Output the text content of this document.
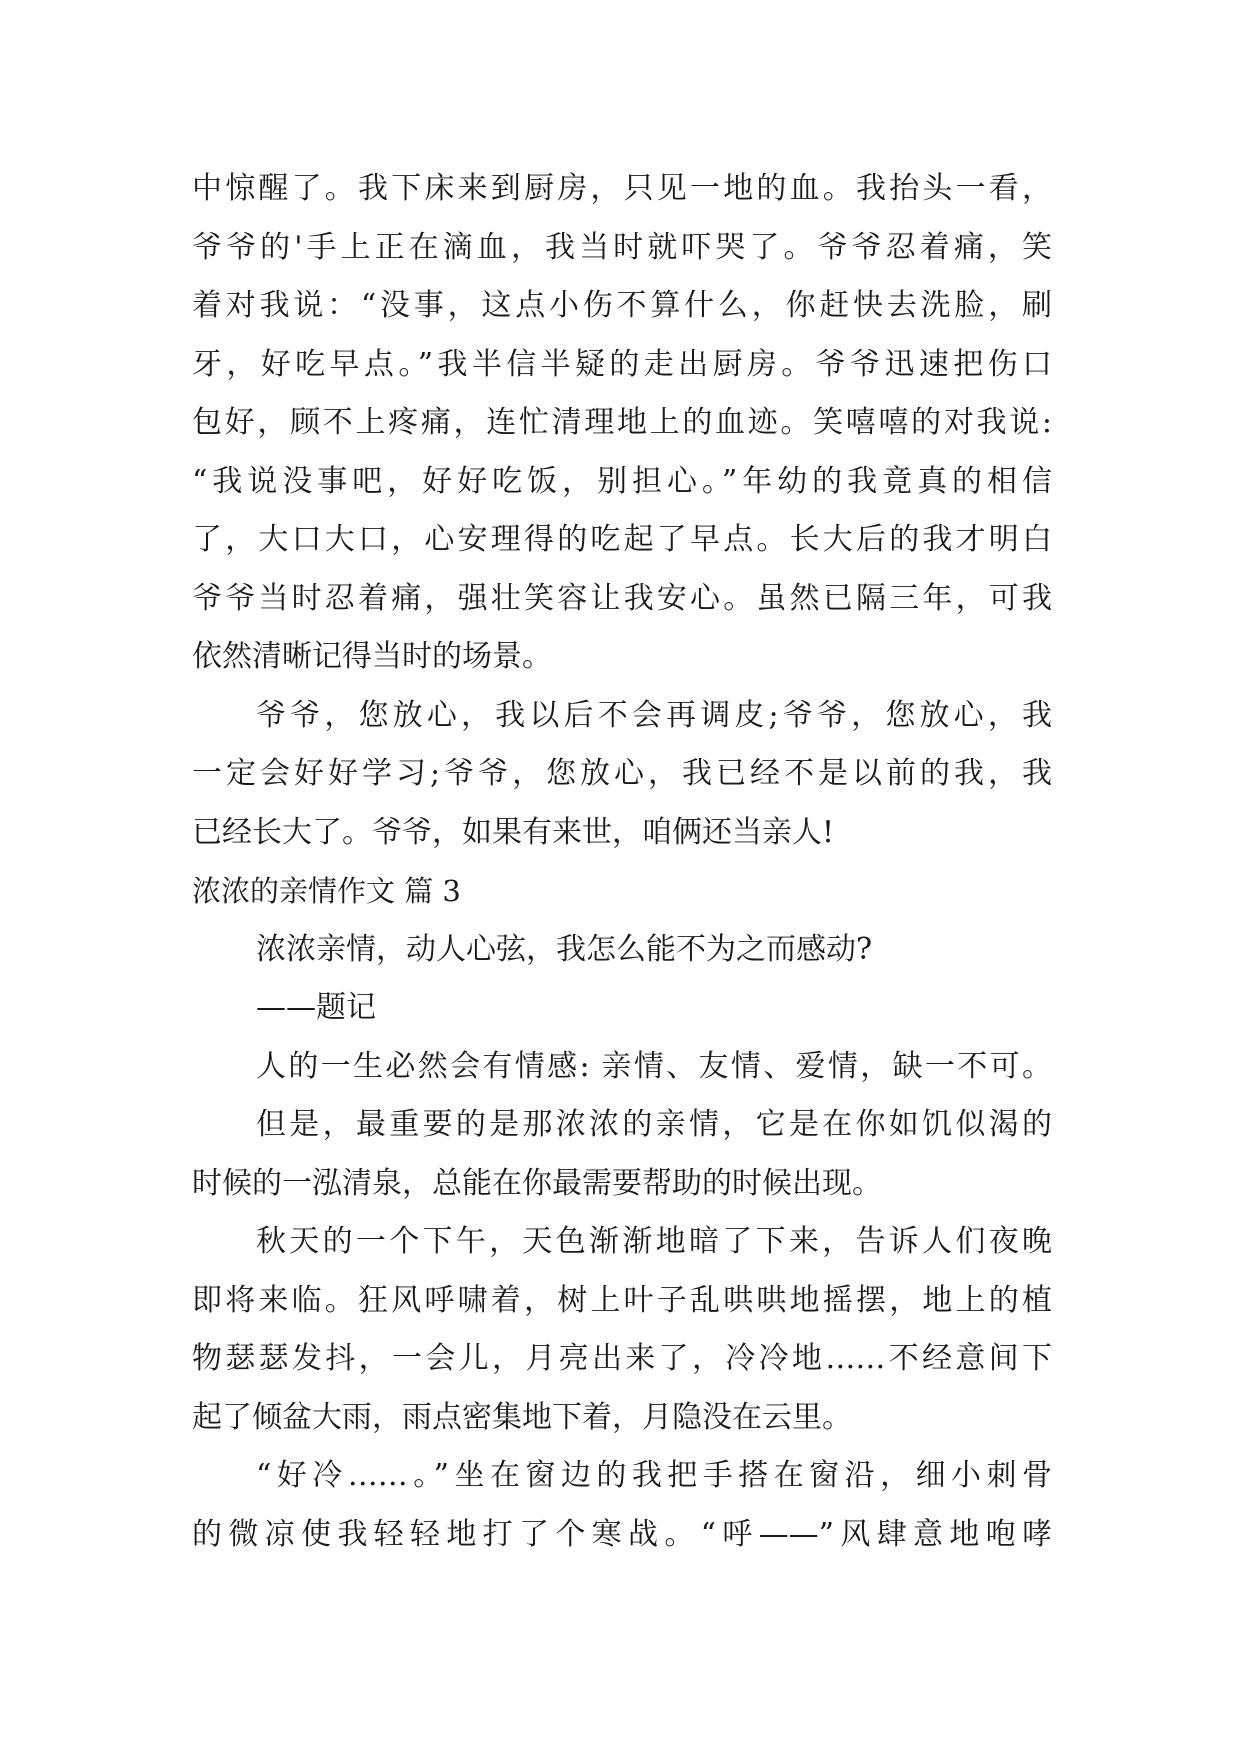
中惊醒了。我下床来到厨房，只见一地的血。我抬头一看，
爷爷的'手上正在滴血，我当时就吓哭了。爷爷忍着痛，笑
着对我说：“没事，这点小伤不算什么，你赶快去洗脸，刷
牙，好吃早点。”我半信半疑的走出厨房。爷爷迅速把伤口
包好，顾不上疼痛，连忙清理地上的血迹。笑嘻嘻的对我说:
“我说没事吧，好好吃饭，别担心。”年幼的我竟真的相信
了，大口大口，心安理得的吃起了早点。长大后的我才明白
爷爷当时忍着痛，强壮笑容让我安心。虽然已隔三年，可我
依然清晰记得当时的场景。
爷爷，您放心，我以后不会再调皮;爷爷，您放心，我
一定会好好学习;爷爷，您放心，我已经不是以前的我，我
已经长大了。爷爷，如果有来世，咱俩还当亲人!
浓浓的亲情作文 篇 3
浓浓亲情，动人心弦，我怎么能不为之而感动?
——题记
人的一生必然会有情感: 亲情、友情、爱情，缺一不可。
但是，最重要的是那浓浓的亲情，它是在你如饥似渴的
时候的一泓清泉，总能在你最需要帮助的时候出现。
秋天的一个下午，天色渐渐地暗了下来，告诉人们夜晚
即将来临。狂风呼啸着，树上叶子乱哄哄地摇摆，地上的植
物瑟瑟发抖，一会儿，月亮出来了，冷冷地……不经意间下
起了倾盆大雨，雨点密集地下着，月隐没在云里。
“好冷……。”坐在窗边的我把手搭在窗沿，细小刺骨
的微凉使我轻轻地打了个寒战。“呼——”风肆意地咆哮
